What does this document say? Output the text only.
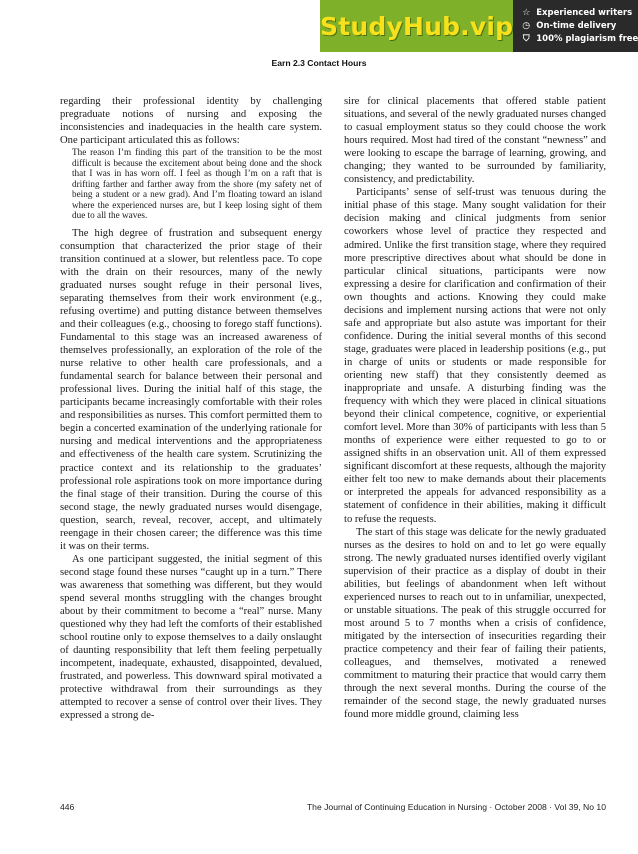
StudyHub.vip ☆ Experienced writers
◷ On-time delivery
⛉ 100% plagiarism free
Earn 2.3 Contact Hours

regarding their professional identity by challenging pregraduate notions of nursing and exposing the inconsistencies and inadequacies in the health care system. One participant articulated this as follows:

The reason I’m finding this part of the transition to be the most difficult is because the excitement about being done and the shock that I was in has worn off. I feel as though I’m on a raft that is drifting farther and farther away from the shore (my safety net of being a student or a new grad). And I’m floating toward an island where the experienced nurses are, but I keep losing sight of them due to all the waves.

The high degree of frustration and subsequent energy consumption that characterized the prior stage of their transition continued at a slower, but relentless pace. To cope with the drain on their resources, many of the newly graduated nurses sought refuge in their personal lives, separating themselves from their work environment (e.g., refusing overtime) and putting distance between themselves and their colleagues (e.g., choosing to forego staff functions). Fundamental to this stage was an increased awareness of themselves professionally, an exploration of the role of the nurse relative to other health care professionals, and a fundamental search for balance between their personal and professional lives. During the initial half of this stage, the participants became increasingly comfortable with their roles and responsibilities as nurses. This comfort permitted them to begin a concerted examination of the underlying rationale for nursing and medical interventions and the appropriateness and effectiveness of the health care system. Scrutinizing the practice context and its relationship to the graduates’ professional role aspirations took on more importance during the final stage of their transition. During the course of this second stage, the newly graduated nurses would disengage, question, search, reveal, recover, accept, and ultimately reengage in their chosen career; the difference was this time it was on their terms.

As one participant suggested, the initial segment of this second stage found these nurses “caught up in a turn.” There was awareness that something was different, but they would spend several months struggling with the changes brought about by their commitment to become a “real” nurse. Many questioned why they had left the comforts of their established school routine only to expose themselves to a daily onslaught of daunting responsibility that left them feeling perpetually incompetent, inadequate, exhausted, disappointed, devalued, frustrated, and powerless. This downward spiral motivated a protective withdrawal from their surroundings as they attempted to recover a sense of control over their lives. They expressed a strong de-

sire for clinical placements that offered stable patient situations, and several of the newly graduated nurses changed to casual employment status so they could choose the work hours required. Most had tired of the constant “newness” and were looking to escape the barrage of learning, growing, and changing; they wanted to be surrounded by familiarity, consistency, and predictability.

Participants’ sense of self-trust was tenuous during the initial phase of this stage. Many sought validation for their decision making and clinical judgments from senior coworkers whose level of practice they respected and admired. Unlike the first transition stage, where they required more prescriptive directives about what should be done in particular clinical situations, participants were now expressing a desire for clarification and confirmation of their own thoughts and actions. Knowing they could make decisions and implement nursing actions that were not only safe and appropriate but also astute was important for their confidence. During the initial several months of this second stage, graduates were placed in leadership positions (e.g., put in charge of units or students or made responsible for orienting new staff) that they consistently deemed as inappropriate and unsafe. A disturbing finding was the frequency with which they were placed in clinical situations beyond their clinical competence, cognitive, or experiential comfort level. More than 30% of participants with less than 5 months of experience were either requested to go to or assigned shifts in an observation unit. All of them expressed significant discomfort at these requests, although the majority either felt too new to make demands about their placements or interpreted the appeals for advanced responsibility as a statement of confidence in their abilities, making it difficult to refuse the requests.

The start of this stage was delicate for the newly graduated nurses as the desires to hold on and to let go were equally strong. The newly graduated nurses identified overly vigilant supervision of their practice as a display of doubt in their abilities, but feelings of abandonment when left without experienced nurses to reach out to in unfamiliar, unexpected, or unstable situations. The peak of this struggle occurred for most around 5 to 7 months when a crisis of confidence, mitigated by the intersection of insecurities regarding their practice competency and their fear of failing their patients, colleagues, and themselves, motivated a renewed commitment to maturing their practice that would carry them through the next several months. During the course of the remainder of the second stage, the newly graduated nurses found more middle ground, claiming less

446	The Journal of Continuing Education in Nursing · October 2008 · Vol 39, No 10
